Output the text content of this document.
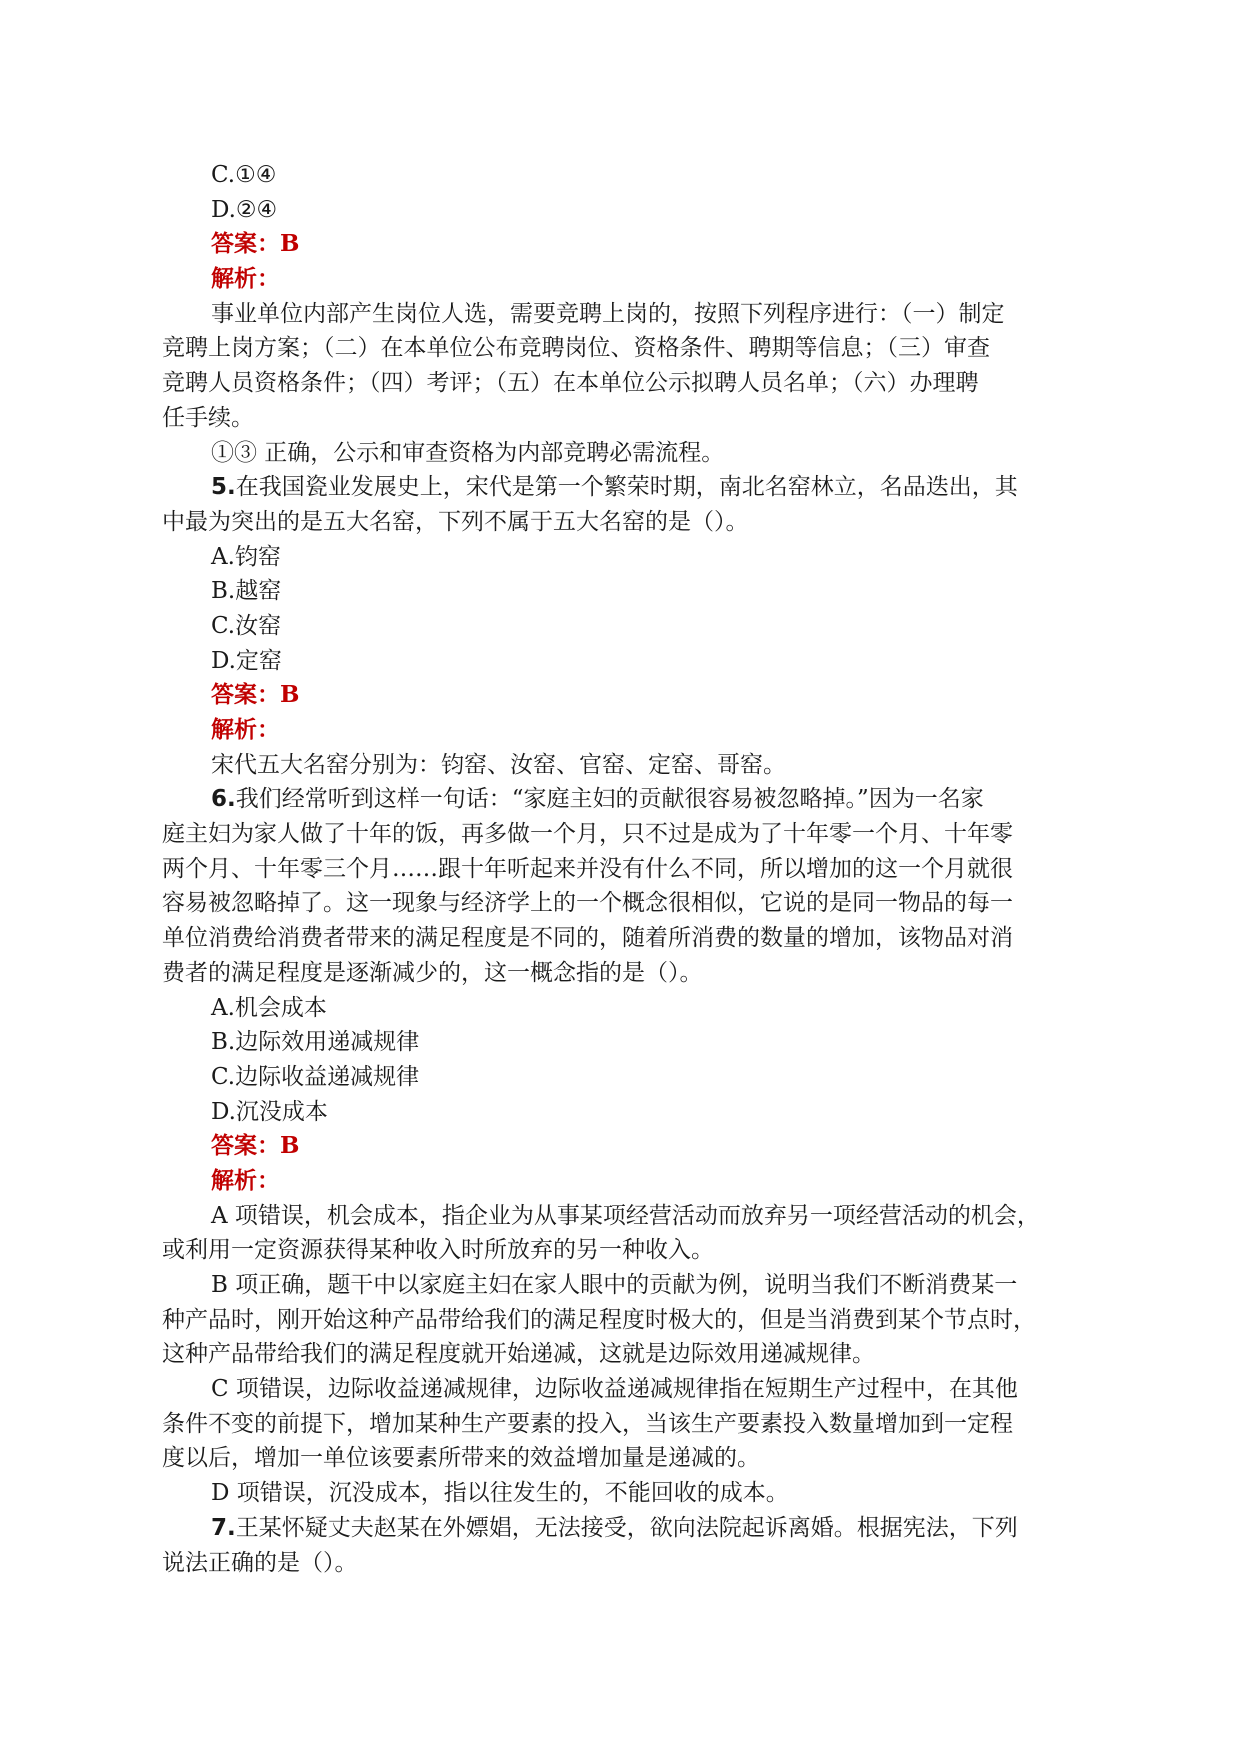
C.①④
D.②④
答案：B
解析：
事业单位内部产生岗位人选，需要竞聘上岗的，按照下列程序进行：（一）制定
竞聘上岗方案；（二）在本单位公布竞聘岗位、资格条件、聘期等信息；（三）审查
竞聘人员资格条件；（四）考评；（五）在本单位公示拟聘人员名单；（六）办理聘
任手续。
①③ 正确，公示和审查资格为内部竞聘必需流程。
5.在我国瓷业发展史上，宋代是第一个繁荣时期，南北名窑林立，名品迭出，其
中最为突出的是五大名窑，下列不属于五大名窑的是（）。
A.钧窑
B.越窑
C.汝窑
D.定窑
答案：B
解析：
宋代五大名窑分别为：钧窑、汝窑、官窑、定窑、哥窑。
6.我们经常听到这样一句话：“家庭主妇的贡献很容易被忽略掉。”因为一名家
庭主妇为家人做了十年的饭，再多做一个月，只不过是成为了十年零一个月、十年零
两个月、十年零三个月……跟十年听起来并没有什么不同，所以增加的这一个月就很
容易被忽略掉了。这一现象与经济学上的一个概念很相似，它说的是同一物品的每一
单位消费给消费者带来的满足程度是不同的，随着所消费的数量的增加，该物品对消
费者的满足程度是逐渐减少的，这一概念指的是（）。
A.机会成本
B.边际效用递减规律
C.边际收益递减规律
D.沉没成本
答案：B
解析：
A 项错误，机会成本，指企业为从事某项经营活动而放弃另一项经营活动的机会，
或利用一定资源获得某种收入时所放弃的另一种收入。
B 项正确，题干中以家庭主妇在家人眼中的贡献为例，说明当我们不断消费某一
种产品时，刚开始这种产品带给我们的满足程度时极大的，但是当消费到某个节点时，
这种产品带给我们的满足程度就开始递减，这就是边际效用递减规律。
C 项错误，边际收益递减规律，边际收益递减规律指在短期生产过程中，在其他
条件不变的前提下，增加某种生产要素的投入，当该生产要素投入数量增加到一定程
度以后，增加一单位该要素所带来的效益增加量是递减的。
D 项错误，沉没成本，指以往发生的，不能回收的成本。
7.王某怀疑丈夫赵某在外嫖娼，无法接受，欲向法院起诉离婚。根据宪法，下列
说法正确的是（）。
